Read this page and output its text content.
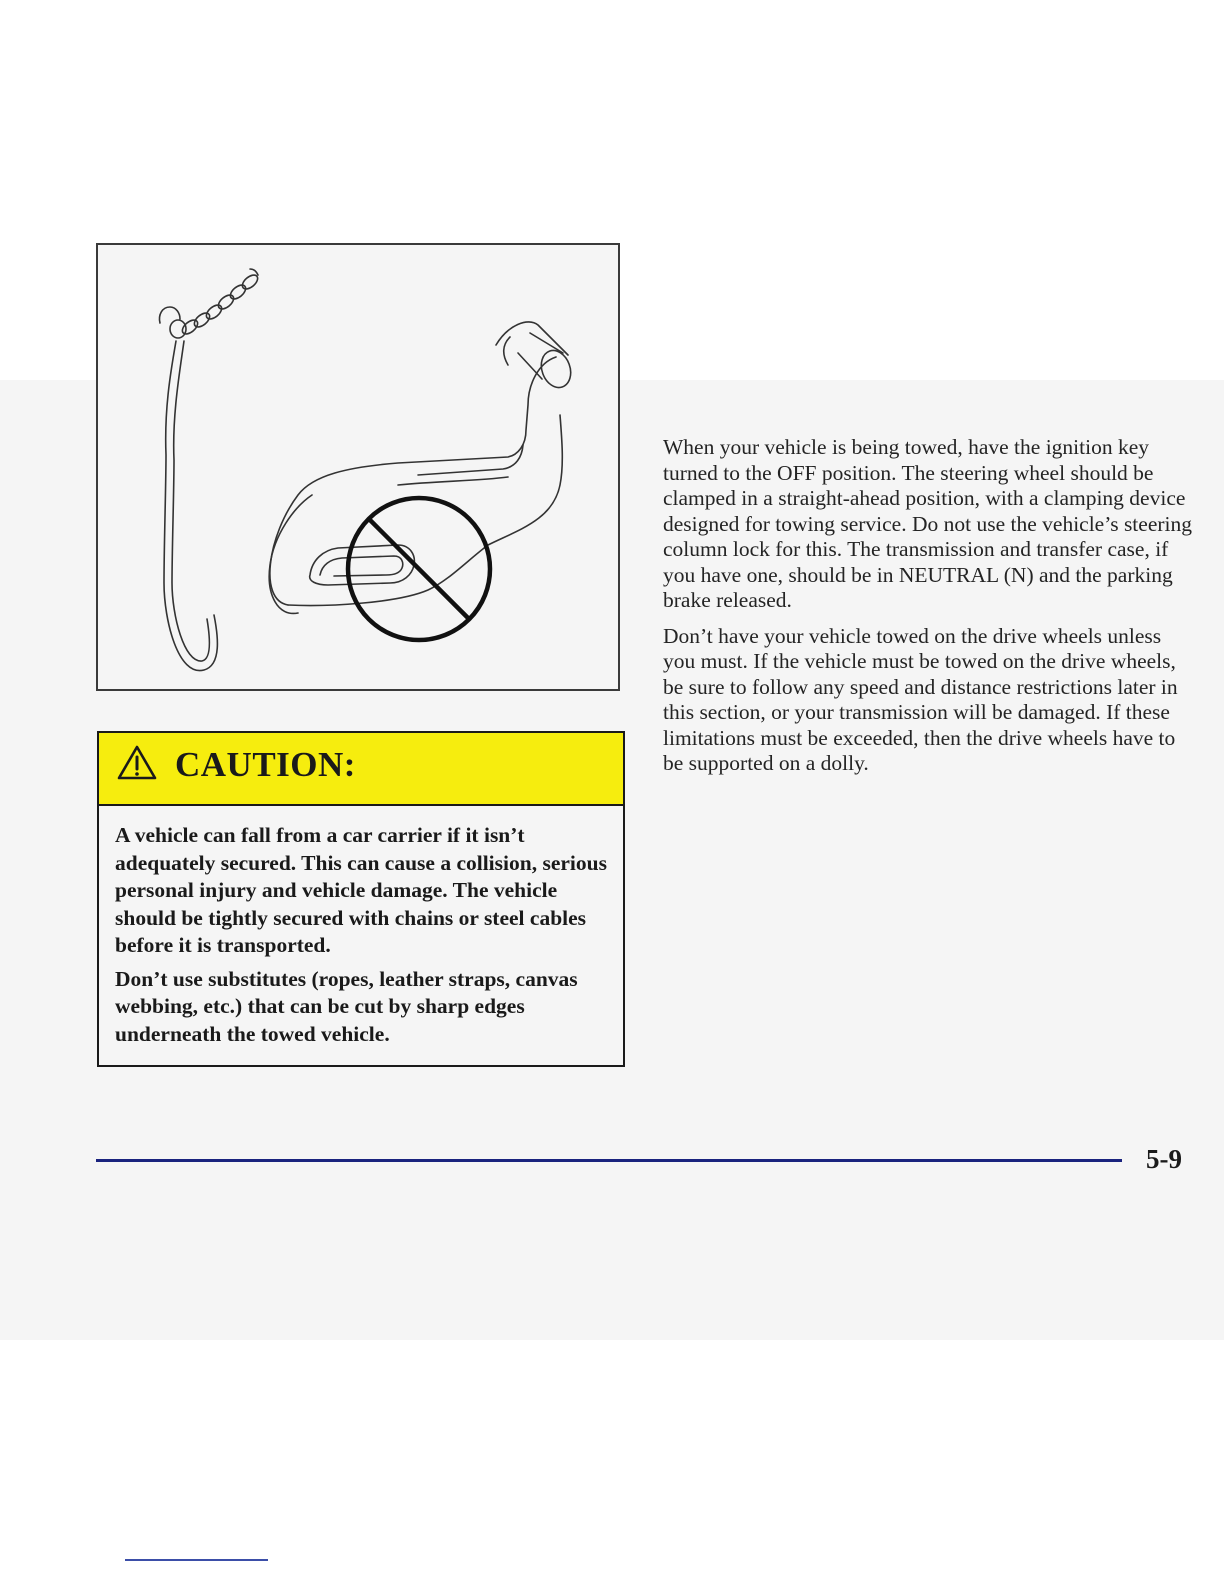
CAUTION:

A vehicle can fall from a car carrier if it isn’t adequately secured. This can cause a collision, serious personal injury and vehicle damage. The vehicle should be tightly secured with chains or steel cables before it is transported.

Don’t use substitutes (ropes, leather straps, canvas webbing, etc.) that can be cut by sharp edges underneath the towed vehicle.

When your vehicle is being towed, have the ignition key turned to the OFF position. The steering wheel should be clamped in a straight-ahead position, with a clamping device designed for towing service. Do not use the vehicle’s steering column lock for this. The transmission and transfer case, if you have one, should be in NEUTRAL (N) and the parking brake released.

Don’t have your vehicle towed on the drive wheels unless you must. If the vehicle must be towed on the drive wheels, be sure to follow any speed and distance restrictions later in this section, or your transmission will be damaged. If these limitations must be exceeded, then the drive wheels have to be supported on a dolly.

5-9
